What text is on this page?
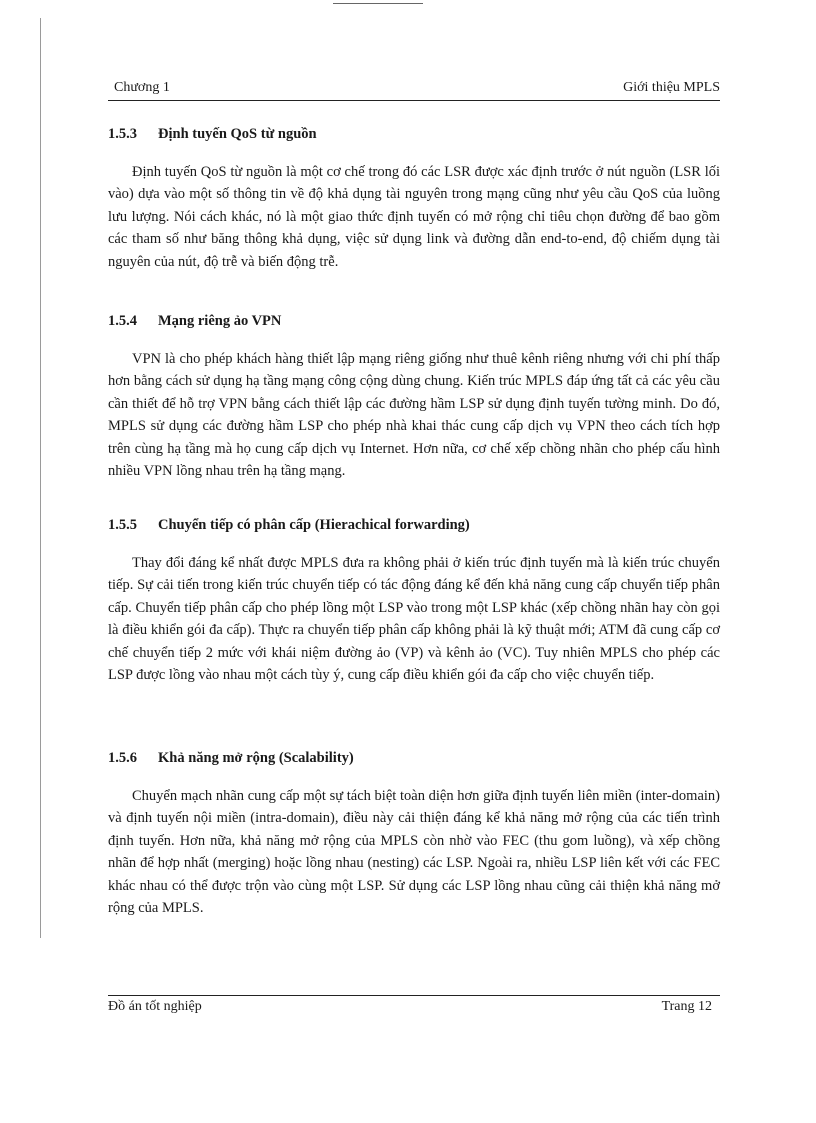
Chương 1	Giới thiệu MPLS
1.5.3 Định tuyến QoS từ nguồn

Định tuyến QoS từ nguồn là một cơ chế trong đó các LSR được xác định trước ở nút nguồn (LSR lối vào) dựa vào một số thông tin về độ khả dụng tài nguyên trong mạng cũng như yêu cầu QoS của luồng lưu lượng. Nói cách khác, nó là một giao thức định tuyến có mở rộng chỉ tiêu chọn đường để bao gồm các tham số như băng thông khả dụng, việc sử dụng link và đường dẫn end-to-end, độ chiếm dụng tài nguyên của nút, độ trễ và biến động trễ.

1.5.4 Mạng riêng ảo VPN

VPN là cho phép khách hàng thiết lập mạng riêng giống như thuê kênh riêng nhưng với chi phí thấp hơn bằng cách sử dụng hạ tầng mạng công cộng dùng chung. Kiến trúc MPLS đáp ứng tất cả các yêu cầu cần thiết để hỗ trợ VPN bằng cách thiết lập các đường hầm LSP sử dụng định tuyến tường minh. Do đó, MPLS sử dụng các đường hầm LSP cho phép nhà khai thác cung cấp dịch vụ VPN theo cách tích hợp trên cùng hạ tầng mà họ cung cấp dịch vụ Internet. Hơn nữa, cơ chế xếp chồng nhãn cho phép cấu hình nhiều VPN lồng nhau trên hạ tầng mạng.

1.5.5 Chuyển tiếp có phân cấp (Hierachical forwarding)

Thay đổi đáng kể nhất được MPLS đưa ra không phải ở kiến trúc định tuyến mà là kiến trúc chuyển tiếp. Sự cải tiến trong kiến trúc chuyển tiếp có tác động đáng kể đến khả năng cung cấp chuyển tiếp phân cấp. Chuyển tiếp phân cấp cho phép lồng một LSP vào trong một LSP khác (xếp chồng nhãn hay còn gọi là điều khiển gói đa cấp). Thực ra chuyển tiếp phân cấp không phải là kỹ thuật mới; ATM đã cung cấp cơ chế chuyển tiếp 2 mức với khái niệm đường ảo (VP) và kênh ảo (VC). Tuy nhiên MPLS cho phép các LSP được lồng vào nhau một cách tùy ý, cung cấp điều khiển gói đa cấp cho việc chuyển tiếp.

1.5.6 Khả năng mở rộng (Scalability)

Chuyển mạch nhãn cung cấp một sự tách biệt toàn diện hơn giữa định tuyến liên miền (inter-domain) và định tuyến nội miền (intra-domain), điều này cải thiện đáng kể khả năng mở rộng của các tiến trình định tuyến. Hơn nữa, khả năng mở rộng của MPLS còn nhờ vào FEC (thu gom luồng), và xếp chồng nhãn để hợp nhất (merging) hoặc lồng nhau (nesting) các LSP. Ngoài ra, nhiều LSP liên kết với các FEC khác nhau có thể được trộn vào cùng một LSP. Sử dụng các LSP lồng nhau cũng cải thiện khả năng mở rộng của MPLS.

Đồ án tốt nghiệp	Trang 12
